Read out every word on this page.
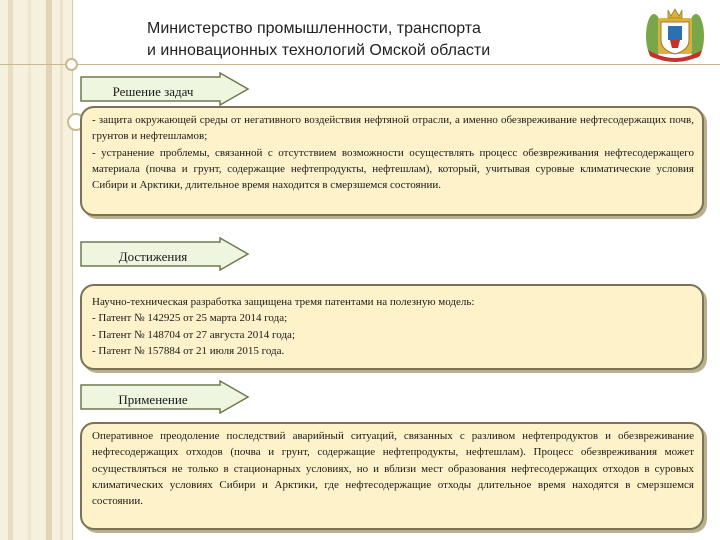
Министерство промышленности, транспорта
и инновационных технологий Омской области
Решение задач

- защита окружающей среды от негативного воздействия нефтяной отрасли, а именно обезвреживание нефтесодержащих почв, грунтов и нефтешламов;

- устранение проблемы, связанной с отсутствием возможности осуществлять процесс обезвреживания нефтесодержащего материала (почва и грунт, содержащие нефтепродукты, нефтешлам), который, учитывая суровые климатические условия Сибири и Арктики, длительное время находится в смерзшемся состоянии.

Достижения

Научно-техническая разработка защищена тремя патентами на полезную модель:

- Патент № 142925 от 25 марта 2014 года;

- Патент № 148704 от 27 августа 2014 года;

- Патент № 157884 от 21 июля 2015 года.

Применение

Оперативное преодоление последствий аварийный ситуаций, связанных с разливом нефтепродуктов и обезвреживание нефтесодержащих отходов (почва и грунт, содержащие нефтепродукты, нефтешлам). Процесс обезвреживания может осуществляться не только в стационарных условиях, но и вблизи мест образования нефтесодержащих отходов в суровых климатических условиях Сибири и Арктики, где нефтесодержащие отходы длительное время находятся в смерзшемся состоянии.
